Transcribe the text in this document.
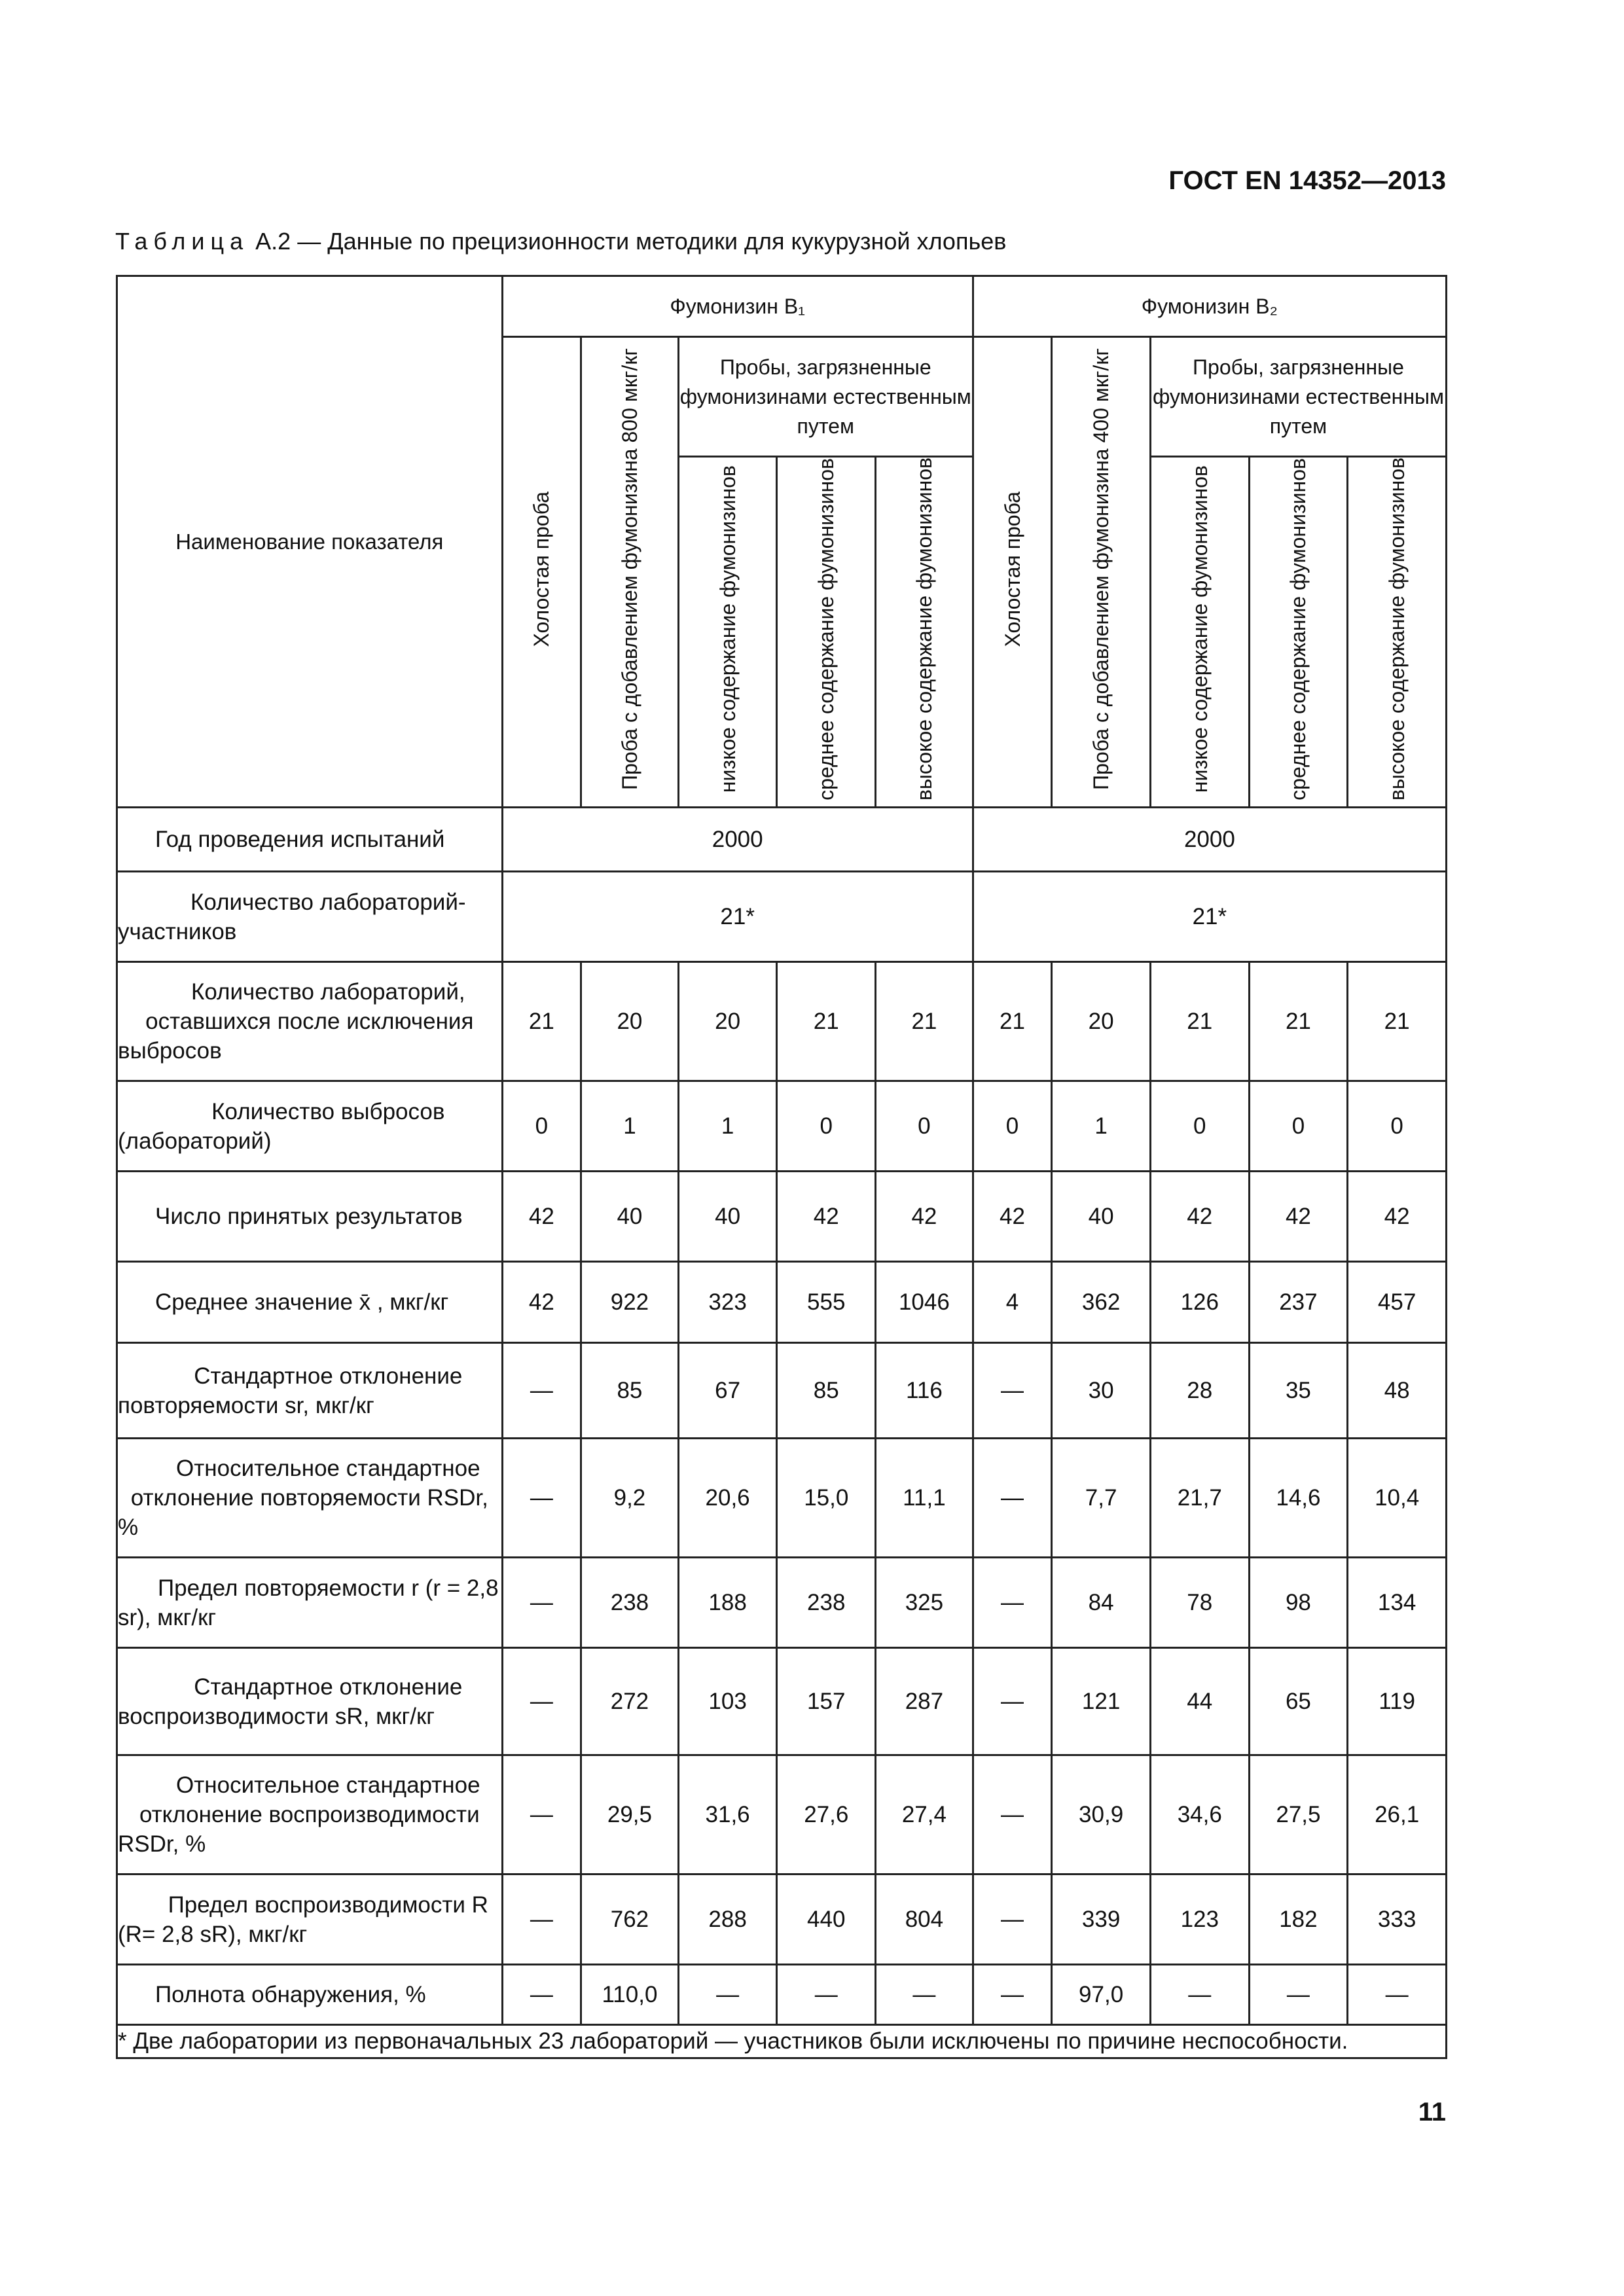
ГОСТ EN 14352—2013
Таблица А.2 — Данные по прецизионности методики для кукурузной хлопьев
Наименование показателя	Фумонизин В₁					Фумонизин В₂				
	Холостая проба	Проба с добавлением фумонизина 800 мкг/кг	Пробы, загрязненные фумонизинами естественным путем			Холостая проба	Проба с добавлением фумонизина 400 мкг/кг	Пробы, загрязненные фумонизинами естественным путем		
			низкое содержание фумонизинов	среднее содержание фумонизинов	высокое содержание фумонизинов			низкое содержание фумонизинов	среднее содержание фумонизинов	высокое содержание фумонизинов
Год проведения испытаний	2000					2000				
Количество лабораторий-участников	21*					21*				
Количество лабораторий, оставшихся после исключения выбросов	21	20	20	21	21	21	20	21	21	21
Количество выбросов (лабораторий)	0	1	1	0	0	0	1	0	0	0
Число принятых результатов	42	40	40	42	42	42	40	42	42	42
Среднее значение x̄ , мкг/кг	42	922	323	555	1046	4	362	126	237	457
Стандартное отклонение повторяемости sr, мкг/кг	—	85	67	85	116	—	30	28	35	48
Относительное стандартное отклонение повторяемости RSDr, %	—	9,2	20,6	15,0	11,1	—	7,7	21,7	14,6	10,4
Предел повторяемости r (r = 2,8 sr), мкг/кг	—	238	188	238	325	—	84	78	98	134
Стандартное отклонение воспроизводимости sR, мкг/кг	—	272	103	157	287	—	121	44	65	119
Относительное стандартное отклонение воспроизводимости RSDr, %	—	29,5	31,6	27,6	27,4	—	30,9	34,6	27,5	26,1
Предел воспроизводимости R (R= 2,8 sR), мкг/кг	—	762	288	440	804	—	339	123	182	333
Полнота обнаружения, %	—	110,0	—	—	—	—	97,0	—	—	—
* Две лаборатории из первоначальных 23 лабораторий — участников были исключены по причине неспособности.										
11
